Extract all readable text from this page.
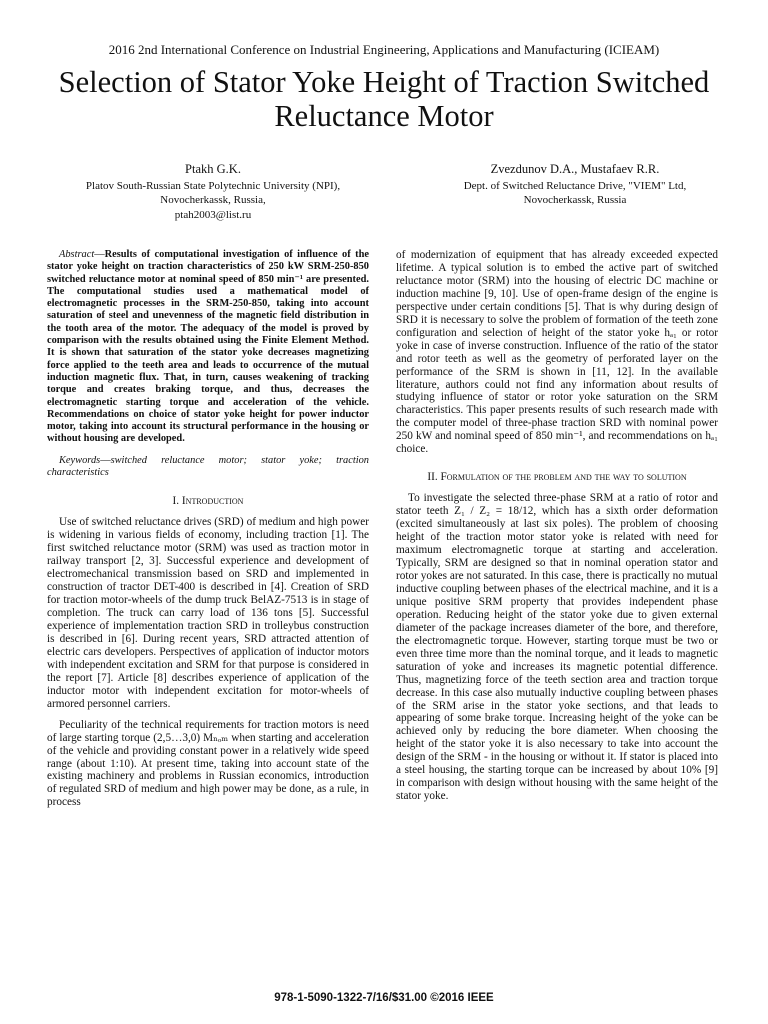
2016 2nd International Conference on Industrial Engineering, Applications and Manufacturing (ICIEAM)
Selection of Stator Yoke Height of Traction Switched Reluctance Motor
Ptakh G.K.
Platov South-Russian State Polytechnic University (NPI),
Novocherkassk, Russia,
ptah2003@list.ru
Zvezdunov D.A., Mustafaev R.R.
Dept. of Switched Reluctance Drive, "VIEM" Ltd,
Novocherkassk, Russia

Abstract—Results of computational investigation of influence of the stator yoke height on traction characteristics of 250 kW SRM-250-850 switched reluctance motor at nominal speed of 850 min⁻¹ are presented. The computational studies used a mathematical model of electromagnetic processes in the SRM-250-850, taking into account saturation of steel and unevenness of the magnetic field distribution in the tooth area of the motor. The adequacy of the model is proved by comparison with the results obtained using the Finite Element Method. It is shown that saturation of the stator yoke decreases magnetizing force applied to the teeth area and leads to occurrence of the mutual induction magnetic flux. That, in turn, causes weakening of tracking torque and creates braking torque, and thus, decreases the electromagnetic starting torque and acceleration of the vehicle. Recommendations on choice of stator yoke height for power inductor motor, taking into account its structural performance in the housing or without housing are developed.

Keywords—switched reluctance motor; stator yoke; traction characteristics

I. Introduction

Use of switched reluctance drives (SRD) of medium and high power is widening in various fields of economy, including traction [1]. The first switched reluctance motor (SRM) was used as traction motor in railway transport [2, 3]. Successful experience and development of electromechanical transmission based on SRD and implemented in construction of tractor DET-400 is described in [4]. Creation of SRD for traction motor-wheels of the dump truck BelAZ-7513 is in stage of completion. The truck can carry load of 136 tons [5]. Successful experience of implementation traction SRD in trolleybus construction is described in [6]. During recent years, SRD attracted attention of electric cars developers. Perspectives of application of inductor motors with independent excitation and SRM for that purpose is considered in the report [7]. Article [8] describes experience of application of the inductor motor with independent excitation for motor-wheels of armored personnel carriers.

Peculiarity of the technical requirements for traction motors is need of large starting torque (2,5…3,0) Mₙₒₘ when starting and acceleration of the vehicle and providing constant power in a relatively wide speed range (about 1:10). At present time, taking into account state of the existing machinery and problems in Russian economics, introduction of regulated SRD of medium and high power may be done, as a rule, in process

of modernization of equipment that has already exceeded expected lifetime. A typical solution is to embed the active part of switched reluctance motor (SRM) into the housing of electric DC machine or induction machine [9, 10]. Use of open-frame design of the engine is perspective under certain conditions [5]. That is why during design of SRD it is necessary to solve the problem of formation of the teeth zone configuration and selection of height of the stator yoke hₐ₁ or rotor yoke in case of inverse construction. Influence of the ratio of the stator and rotor teeth as well as the geometry of perforated layer on the performance of the SRM is shown in [11, 12]. In the available literature, authors could not find any information about results of studying influence of stator or rotor yoke saturation on the SRM characteristics. This paper presents results of such research made with the computer model of three-phase traction SRD with nominal power 250 kW and nominal speed of 850 min⁻¹, and recommendations on hₐ₁ choice.

II. Formulation of the problem and the way to solution

To investigate the selected three-phase SRM at a ratio of rotor and stator teeth Z₁ / Z₂ = 18/12, which has a sixth order deformation (excited simultaneously at last six poles). The problem of choosing height of the traction motor stator yoke is related with need for maximum electromagnetic torque at starting and acceleration. Typically, SRM are designed so that in nominal operation stator and rotor yokes are not saturated. In this case, there is practically no mutual inductive coupling between phases of the electrical machine, and it is a unique positive SRM property that provides independent phase operation. Reducing height of the stator yoke due to given external diameter of the package increases diameter of the bore, and therefore, the electromagnetic torque. However, starting torque must be two or even three time more than the nominal torque, and it leads to magnetic saturation of yoke and increases its magnetic potential difference. Thus, magnetizing force of the teeth section area and traction torque decrease. In this case also mutually inductive coupling between phases of the SRM arise in the stator yoke sections, and that leads to appearing of some brake torque. Increasing height of the yoke can be achieved only by reducing the bore diameter. When choosing the height of the stator yoke it is also necessary to take into account the design of the SRM - in the housing or without it. If stator is placed into a steel housing, the starting torque can be increased by about 10% [9] in comparison with design without housing with the same height of the stator yoke.

978-1-5090-1322-7/16/$31.00 ©2016 IEEE
